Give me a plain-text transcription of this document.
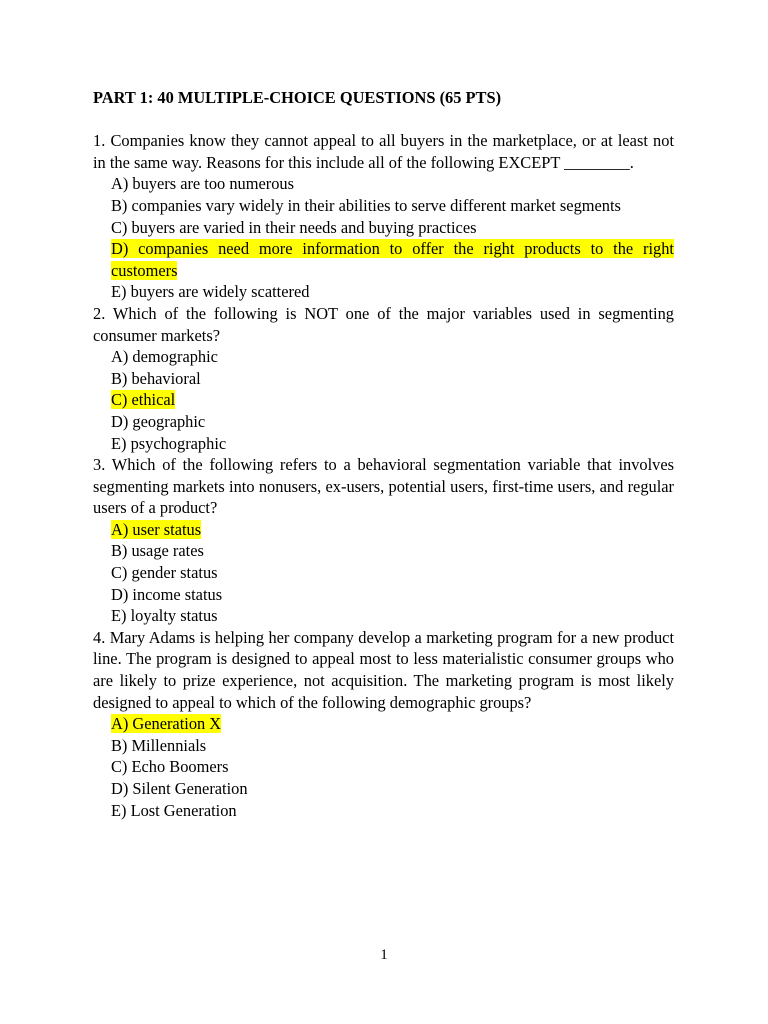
PART 1: 40 MULTIPLE-CHOICE QUESTIONS (65 PTS)

1. Companies know they cannot appeal to all buyers in the marketplace, or at least not in the same way. Reasons for this include all of the following EXCEPT ________.

A) buyers are too numerous
B) companies vary widely in their abilities to serve different market segments
C) buyers are varied in their needs and buying practices
D) companies need more information to offer the right products to the right customers
E) buyers are widely scattered

2. Which of the following is NOT one of the major variables used in segmenting consumer markets?

A) demographic
B) behavioral
C) ethical
D) geographic
E) psychographic

3. Which of the following refers to a behavioral segmentation variable that involves segmenting markets into nonusers, ex-users, potential users, first-time users, and regular users of a product?

A) user status
B) usage rates
C) gender status
D) income status
E) loyalty status

4. Mary Adams is helping her company develop a marketing program for a new product line. The program is designed to appeal most to less materialistic consumer groups who are likely to prize experience, not acquisition. The marketing program is most likely designed to appeal to which of the following demographic groups?

A) Generation X
B) Millennials
C) Echo Boomers
D) Silent Generation
E) Lost Generation
1
